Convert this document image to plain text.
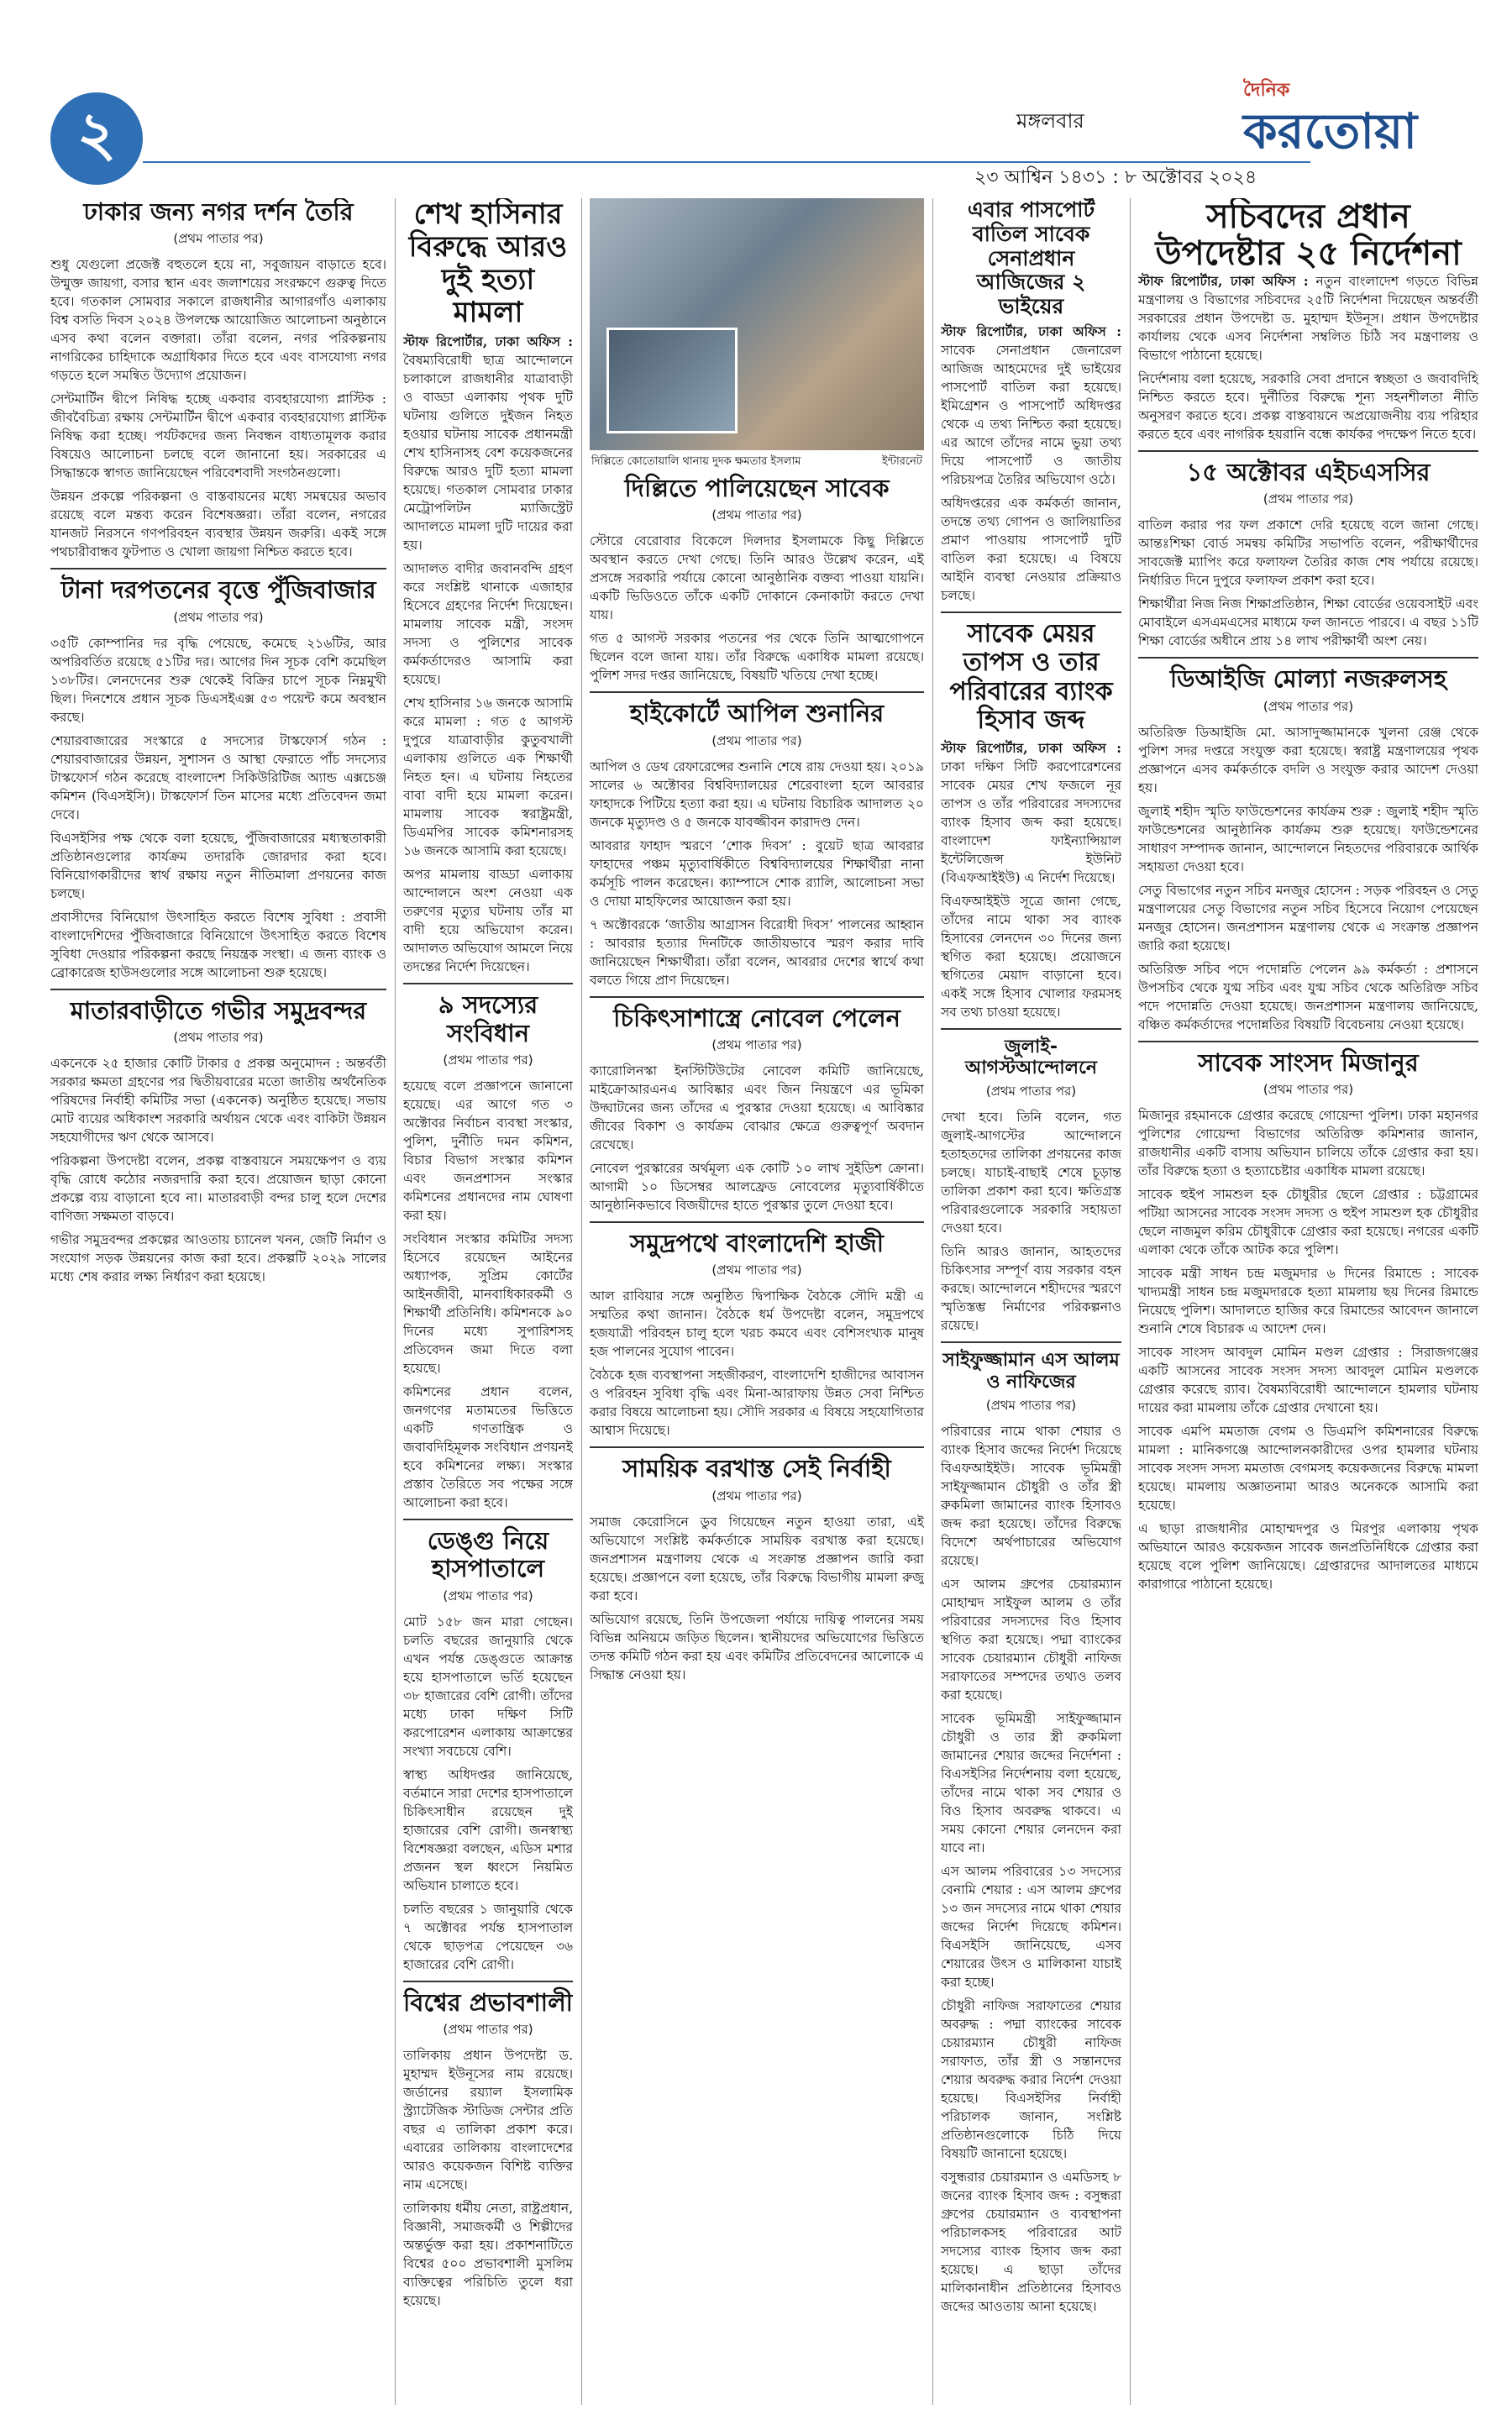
২	মঙ্গলবার
২৩ আশ্বিন ১৪৩১ : ৮ অক্টোবর ২০২৪
দৈনিক
করতোয়া
ঢাকার জন্য নগর দর্শন তৈরি
(প্রথম পাতার পর)

শুধু যেগুলো প্রজেক্ট বহুতলে হয়ে না, সবুজায়ন বাড়াতে হবে। উন্মুক্ত জায়গা, বসার স্থান এবং জলাশয়ের সংরক্ষণে গুরুত্ব দিতে হবে। গতকাল সোমবার সকালে রাজধানীর আগারগাঁও এলাকায় বিশ্ব বসতি দিবস ২০২৪ উপলক্ষে আয়োজিত আলোচনা অনুষ্ঠানে এসব কথা বলেন বক্তারা। তাঁরা বলেন, নগর পরিকল্পনায় নাগরিকের চাহিদাকে অগ্রাধিকার দিতে হবে এবং বাসযোগ্য নগর গড়তে হলে সমন্বিত উদ্যোগ প্রয়োজন।

সেন্টমার্টিন দ্বীপে নিষিদ্ধ হচ্ছে একবার ব্যবহারযোগ্য প্লাস্টিক : জীববৈচিত্র্য রক্ষায় সেন্টমার্টিন দ্বীপে একবার ব্যবহারযোগ্য প্লাস্টিক নিষিদ্ধ করা হচ্ছে। পর্যটকদের জন্য নিবন্ধন বাধ্যতামূলক করার বিষয়েও আলোচনা চলছে বলে জানানো হয়। সরকারের এ সিদ্ধান্তকে স্বাগত জানিয়েছেন পরিবেশবাদী সংগঠনগুলো।

উন্নয়ন প্রকল্পে পরিকল্পনা ও বাস্তবায়নের মধ্যে সমন্বয়ের অভাব রয়েছে বলে মন্তব্য করেন বিশেষজ্ঞরা। তাঁরা বলেন, নগরের যানজট নিরসনে গণপরিবহন ব্যবস্থার উন্নয়ন জরুরি। একই সঙ্গে পথচারীবান্ধব ফুটপাত ও খোলা জায়গা নিশ্চিত করতে হবে।

টানা দরপতনের বৃত্তে পুঁজিবাজার
(প্রথম পাতার পর)

৩৫টি কোম্পানির দর বৃদ্ধি পেয়েছে, কমেছে ২১৬টির, আর অপরিবর্তিত রয়েছে ৫১টির দর। আগের দিন সূচক বেশি কমেছিল ১৩৮টির। লেনদেনের শুরু থেকেই বিক্রির চাপে সূচক নিম্নমুখী ছিল। দিনশেষে প্রধান সূচক ডিএসইএক্স ৫৩ পয়েন্ট কমে অবস্থান করছে।

শেয়ারবাজারের সংস্কারে ৫ সদস্যের টাস্কফোর্স গঠন : শেয়ারবাজারের উন্নয়ন, সুশাসন ও আস্থা ফেরাতে পাঁচ সদস্যের টাস্কফোর্স গঠন করেছে বাংলাদেশ সিকিউরিটিজ অ্যান্ড এক্সচেঞ্জ কমিশন (বিএসইসি)। টাস্কফোর্স তিন মাসের মধ্যে প্রতিবেদন জমা দেবে।

বিএসইসির পক্ষ থেকে বলা হয়েছে, পুঁজিবাজারের মধ্যস্থতাকারী প্রতিষ্ঠানগুলোর কার্যক্রম তদারকি জোরদার করা হবে। বিনিয়োগকারীদের স্বার্থ রক্ষায় নতুন নীতিমালা প্রণয়নের কাজ চলছে।

প্রবাসীদের বিনিয়োগ উৎসাহিত করতে বিশেষ সুবিধা : প্রবাসী বাংলাদেশিদের পুঁজিবাজারে বিনিয়োগে উৎসাহিত করতে বিশেষ সুবিধা দেওয়ার পরিকল্পনা করছে নিয়ন্ত্রক সংস্থা। এ জন্য ব্যাংক ও ব্রোকারেজ হাউসগুলোর সঙ্গে আলোচনা শুরু হয়েছে।

মাতারবাড়ীতে গভীর সমুদ্রবন্দর
(প্রথম পাতার পর)

একনেকে ২৫ হাজার কোটি টাকার ৫ প্রকল্প অনুমোদন : অন্তর্বর্তী সরকার ক্ষমতা গ্রহণের পর দ্বিতীয়বারের মতো জাতীয় অর্থনৈতিক পরিষদের নির্বাহী কমিটির সভা (একনেক) অনুষ্ঠিত হয়েছে। সভায় মোট ব্যয়ের অধিকাংশ সরকারি অর্থায়ন থেকে এবং বাকিটা উন্নয়ন সহযোগীদের ঋণ থেকে আসবে।

পরিকল্পনা উপদেষ্টা বলেন, প্রকল্প বাস্তবায়নে সময়ক্ষেপণ ও ব্যয় বৃদ্ধি রোধে কঠোর নজরদারি করা হবে। প্রয়োজন ছাড়া কোনো প্রকল্পে ব্যয় বাড়ানো হবে না। মাতারবাড়ী বন্দর চালু হলে দেশের বাণিজ্য সক্ষমতা বাড়বে।

গভীর সমুদ্রবন্দর প্রকল্পের আওতায় চ্যানেল খনন, জেটি নির্মাণ ও সংযোগ সড়ক উন্নয়নের কাজ করা হবে। প্রকল্পটি ২০২৯ সালের মধ্যে শেষ করার লক্ষ্য নির্ধারণ করা হয়েছে।

শেখ হাসিনার বিরুদ্ধে আরও দুই হত্যা মামলা

স্টাফ রিপোর্টার, ঢাকা অফিস : বৈষম্যবিরোধী ছাত্র আন্দোলনে চলাকালে রাজধানীর যাত্রাবাড়ী ও বাড্ডা এলাকায় পৃথক দুটি ঘটনায় গুলিতে দুইজন নিহত হওয়ার ঘটনায় সাবেক প্রধানমন্ত্রী শেখ হাসিনাসহ বেশ কয়েকজনের বিরুদ্ধে আরও দুটি হত্যা মামলা হয়েছে। গতকাল সোমবার ঢাকার মেট্রোপলিটন ম্যাজিস্ট্রেট আদালতে মামলা দুটি দায়ের করা হয়।

আদালত বাদীর জবানবন্দি গ্রহণ করে সংশ্লিষ্ট থানাকে এজাহার হিসেবে গ্রহণের নির্দেশ দিয়েছেন। মামলায় সাবেক মন্ত্রী, সংসদ সদস্য ও পুলিশের সাবেক কর্মকর্তাদেরও আসামি করা হয়েছে।

শেখ হাসিনার ১৬ জনকে আসামি করে মামলা : গত ৫ আগস্ট দুপুরে যাত্রাবাড়ীর কুতুবখালী এলাকায় গুলিতে এক শিক্ষার্থী নিহত হন। এ ঘটনায় নিহতের বাবা বাদী হয়ে মামলা করেন। মামলায় সাবেক স্বরাষ্ট্রমন্ত্রী, ডিএমপির সাবেক কমিশনারসহ ১৬ জনকে আসামি করা হয়েছে।

অপর মামলায় বাড্ডা এলাকায় আন্দোলনে অংশ নেওয়া এক তরুণের মৃত্যুর ঘটনায় তাঁর মা বাদী হয়ে অভিযোগ করেন। আদালত অভিযোগ আমলে নিয়ে তদন্তের নির্দেশ দিয়েছেন।

৯ সদস্যের সংবিধান
(প্রথম পাতার পর)

হয়েছে বলে প্রজ্ঞাপনে জানানো হয়েছে। এর আগে গত ৩ অক্টোবর নির্বাচন ব্যবস্থা সংস্কার, পুলিশ, দুর্নীতি দমন কমিশন, বিচার বিভাগ সংস্কার কমিশন এবং জনপ্রশাসন সংস্কার কমিশনের প্রধানদের নাম ঘোষণা করা হয়।

সংবিধান সংস্কার কমিটির সদস্য হিসেবে রয়েছেন আইনের অধ্যাপক, সুপ্রিম কোর্টের আইনজীবী, মানবাধিকারকর্মী ও শিক্ষার্থী প্রতিনিধি। কমিশনকে ৯০ দিনের মধ্যে সুপারিশসহ প্রতিবেদন জমা দিতে বলা হয়েছে।

কমিশনের প্রধান বলেন, জনগণের মতামতের ভিত্তিতে একটি গণতান্ত্রিক ও জবাবদিহিমূলক সংবিধান প্রণয়নই হবে কমিশনের লক্ষ্য। সংস্কার প্রস্তাব তৈরিতে সব পক্ষের সঙ্গে আলোচনা করা হবে।

ডেঙ্গু নিয়ে হাসপাতালে
(প্রথম পাতার পর)

মোট ১৫৮ জন মারা গেছেন। চলতি বছরের জানুয়ারি থেকে এখন পর্যন্ত ডেঙ্গুতে আক্রান্ত হয়ে হাসপাতালে ভর্তি হয়েছেন ৩৮ হাজারের বেশি রোগী। তাঁদের মধ্যে ঢাকা দক্ষিণ সিটি করপোরেশন এলাকায় আক্রান্তের সংখ্যা সবচেয়ে বেশি।

স্বাস্থ্য অধিদপ্তর জানিয়েছে, বর্তমানে সারা দেশের হাসপাতালে চিকিৎসাধীন রয়েছেন দুই হাজারের বেশি রোগী। জনস্বাস্থ্য বিশেষজ্ঞরা বলছেন, এডিস মশার প্রজনন স্থল ধ্বংসে নিয়মিত অভিযান চালাতে হবে।

চলতি বছরের ১ জানুয়ারি থেকে ৭ অক্টোবর পর্যন্ত হাসপাতাল থেকে ছাড়পত্র পেয়েছেন ৩৬ হাজারের বেশি রোগী।

বিশ্বের প্রভাবশালী
(প্রথম পাতার পর)

তালিকায় প্রধান উপদেষ্টা ড. মুহাম্মদ ইউনূসের নাম রয়েছে। জর্ডানের রয়্যাল ইসলামিক স্ট্র্যাটেজিক স্টাডিজ সেন্টার প্রতি বছর এ তালিকা প্রকাশ করে। এবারের তালিকায় বাংলাদেশের আরও কয়েকজন বিশিষ্ট ব্যক্তির নাম এসেছে।

তালিকায় ধর্মীয় নেতা, রাষ্ট্রপ্রধান, বিজ্ঞানী, সমাজকর্মী ও শিল্পীদের অন্তর্ভুক্ত করা হয়। প্রকাশনাটিতে বিশ্বের ৫০০ প্রভাবশালী মুসলিম ব্যক্তিত্বের পরিচিতি তুলে ধরা হয়েছে।

দিল্লিতে কোতোয়ালি থানায় দুদক ক্ষমতার ইসলাম	ইন্টারনেট
দিল্লিতে পালিয়েছেন সাবেক
(প্রথম পাতার পর)

স্টোরে বেরোবার বিকেলে দিলদার ইসলামকে কিছু দিল্লিতে অবস্থান করতে দেখা গেছে। তিনি আরও উল্লেখ করেন, এই প্রসঙ্গে সরকারি পর্যায়ে কোনো আনুষ্ঠানিক বক্তব্য পাওয়া যায়নি। একটি ভিডিওতে তাঁকে একটি দোকানে কেনাকাটা করতে দেখা যায়।

গত ৫ আগস্ট সরকার পতনের পর থেকে তিনি আত্মগোপনে ছিলেন বলে জানা যায়। তাঁর বিরুদ্ধে একাধিক মামলা রয়েছে। পুলিশ সদর দপ্তর জানিয়েছে, বিষয়টি খতিয়ে দেখা হচ্ছে।

হাইকোর্টে আপিল শুনানির
(প্রথম পাতার পর)

আপিল ও ডেথ রেফারেন্সের শুনানি শেষে রায় দেওয়া হয়। ২০১৯ সালের ৬ অক্টোবর বিশ্ববিদ্যালয়ের শেরেবাংলা হলে আবরার ফাহাদকে পিটিয়ে হত্যা করা হয়। এ ঘটনায় বিচারিক আদালত ২০ জনকে মৃত্যুদণ্ড ও ৫ জনকে যাবজ্জীবন কারাদণ্ড দেন।

আবরার ফাহাদ স্মরণে ‘শোক দিবস’ : বুয়েট ছাত্র আবরার ফাহাদের পঞ্চম মৃত্যুবার্ষিকীতে বিশ্ববিদ্যালয়ের শিক্ষার্থীরা নানা কর্মসূচি পালন করেছেন। ক্যাম্পাসে শোক র‍্যালি, আলোচনা সভা ও দোয়া মাহফিলের আয়োজন করা হয়।

৭ অক্টোবরকে ‘জাতীয় আগ্রাসন বিরোধী দিবস’ পালনের আহ্বান : আবরার হত্যার দিনটিকে জাতীয়ভাবে স্মরণ করার দাবি জানিয়েছেন শিক্ষার্থীরা। তাঁরা বলেন, আবরার দেশের স্বার্থে কথা বলতে গিয়ে প্রাণ দিয়েছেন।

চিকিৎসাশাস্ত্রে নোবেল পেলেন
(প্রথম পাতার পর)

ক্যারোলিনস্কা ইনস্টিটিউটের নোবেল কমিটি জানিয়েছে, মাইক্রোআরএনএ আবিষ্কার এবং জিন নিয়ন্ত্রণে এর ভূমিকা উদ্ঘাটনের জন্য তাঁদের এ পুরস্কার দেওয়া হয়েছে। এ আবিষ্কার জীবের বিকাশ ও কার্যক্রম বোঝার ক্ষেত্রে গুরুত্বপূর্ণ অবদান রেখেছে।

নোবেল পুরস্কারের অর্থমূল্য এক কোটি ১০ লাখ সুইডিশ ক্রোনা। আগামী ১০ ডিসেম্বর আলফ্রেড নোবেলের মৃত্যুবার্ষিকীতে আনুষ্ঠানিকভাবে বিজয়ীদের হাতে পুরস্কার তুলে দেওয়া হবে।

সমুদ্রপথে বাংলাদেশি হাজী
(প্রথম পাতার পর)

আল রাবিয়ার সঙ্গে অনুষ্ঠিত দ্বিপাক্ষিক বৈঠকে সৌদি মন্ত্রী এ সম্মতির কথা জানান। বৈঠকে ধর্ম উপদেষ্টা বলেন, সমুদ্রপথে হজযাত্রী পরিবহন চালু হলে খরচ কমবে এবং বেশিসংখ্যক মানুষ হজ পালনের সুযোগ পাবেন।

বৈঠকে হজ ব্যবস্থাপনা সহজীকরণ, বাংলাদেশি হাজীদের আবাসন ও পরিবহন সুবিধা বৃদ্ধি এবং মিনা-আরাফায় উন্নত সেবা নিশ্চিত করার বিষয়ে আলোচনা হয়। সৌদি সরকার এ বিষয়ে সহযোগিতার আশ্বাস দিয়েছে।

সাময়িক বরখাস্ত সেই নির্বাহী
(প্রথম পাতার পর)

সমাজ কেরোসিনে ডুব গিয়েছেন নতুন হাওয়া তারা, এই অভিযোগে সংশ্লিষ্ট কর্মকর্তাকে সাময়িক বরখাস্ত করা হয়েছে। জনপ্রশাসন মন্ত্রণালয় থেকে এ সংক্রান্ত প্রজ্ঞাপন জারি করা হয়েছে। প্রজ্ঞাপনে বলা হয়েছে, তাঁর বিরুদ্ধে বিভাগীয় মামলা রুজু করা হবে।

অভিযোগ রয়েছে, তিনি উপজেলা পর্যায়ে দায়িত্ব পালনের সময় বিভিন্ন অনিয়মে জড়িত ছিলেন। স্থানীয়দের অভিযোগের ভিত্তিতে তদন্ত কমিটি গঠন করা হয় এবং কমিটির প্রতিবেদনের আলোকে এ সিদ্ধান্ত নেওয়া হয়।

এবার পাসপোর্ট বাতিল সাবেক সেনাপ্রধান আজিজের ২ ভাইয়ের

স্টাফ রিপোর্টার, ঢাকা অফিস : সাবেক সেনাপ্রধান জেনারেল আজিজ আহমেদের দুই ভাইয়ের পাসপোর্ট বাতিল করা হয়েছে। ইমিগ্রেশন ও পাসপোর্ট অধিদপ্তর থেকে এ তথ্য নিশ্চিত করা হয়েছে। এর আগে তাঁদের নামে ভুয়া তথ্য দিয়ে পাসপোর্ট ও জাতীয় পরিচয়পত্র তৈরির অভিযোগ ওঠে।

অধিদপ্তরের এক কর্মকর্তা জানান, তদন্তে তথ্য গোপন ও জালিয়াতির প্রমাণ পাওয়ায় পাসপোর্ট দুটি বাতিল করা হয়েছে। এ বিষয়ে আইনি ব্যবস্থা নেওয়ার প্রক্রিয়াও চলছে।

সাবেক মেয়র তাপস ও তার পরিবারের ব্যাংক হিসাব জব্দ

স্টাফ রিপোর্টার, ঢাকা অফিস : ঢাকা দক্ষিণ সিটি করপোরেশনের সাবেক মেয়র শেখ ফজলে নূর তাপস ও তাঁর পরিবারের সদস্যদের ব্যাংক হিসাব জব্দ করা হয়েছে। বাংলাদেশ ফাইন্যান্সিয়াল ইন্টেলিজেন্স ইউনিট (বিএফআইইউ) এ নির্দেশ দিয়েছে।

বিএফআইইউ সূত্রে জানা গেছে, তাঁদের নামে থাকা সব ব্যাংক হিসাবের লেনদেন ৩০ দিনের জন্য স্থগিত করা হয়েছে। প্রয়োজনে স্থগিতের মেয়াদ বাড়ানো হবে। একই সঙ্গে হিসাব খোলার ফরমসহ সব তথ্য চাওয়া হয়েছে।

জুলাই-আগস্টআন্দোলনে
(প্রথম পাতার পর)

দেখা হবে। তিনি বলেন, গত জুলাই-আগস্টের আন্দোলনে হতাহতদের তালিকা প্রণয়নের কাজ চলছে। যাচাই-বাছাই শেষে চূড়ান্ত তালিকা প্রকাশ করা হবে। ক্ষতিগ্রস্ত পরিবারগুলোকে সরকারি সহায়তা দেওয়া হবে।

তিনি আরও জানান, আহতদের চিকিৎসার সম্পূর্ণ ব্যয় সরকার বহন করছে। আন্দোলনে শহীদদের স্মরণে স্মৃতিস্তম্ভ নির্মাণের পরিকল্পনাও রয়েছে।

সাইফুজ্জামান এস আলম ও নাফিজের
(প্রথম পাতার পর)

পরিবারের নামে থাকা শেয়ার ও ব্যাংক হিসাব জব্দের নির্দেশ দিয়েছে বিএফআইইউ। সাবেক ভূমিমন্ত্রী সাইফুজ্জামান চৌধুরী ও তাঁর স্ত্রী রুকমিলা জামানের ব্যাংক হিসাবও জব্দ করা হয়েছে। তাঁদের বিরুদ্ধে বিদেশে অর্থপাচারের অভিযোগ রয়েছে।

এস আলম গ্রুপের চেয়ারম্যান মোহাম্মদ সাইফুল আলম ও তাঁর পরিবারের সদস্যদের বিও হিসাব স্থগিত করা হয়েছে। পদ্মা ব্যাংকের সাবেক চেয়ারম্যান চৌধুরী নাফিজ সরাফাতের সম্পদের তথ্যও তলব করা হয়েছে।

সাবেক ভূমিমন্ত্রী সাইফুজ্জামান চৌধুরী ও তার স্ত্রী রুকমিলা জামানের শেয়ার জব্দের নির্দেশনা : বিএসইসির নির্দেশনায় বলা হয়েছে, তাঁদের নামে থাকা সব শেয়ার ও বিও হিসাব অবরুদ্ধ থাকবে। এ সময় কোনো শেয়ার লেনদেন করা যাবে না।

এস আলম পরিবারের ১৩ সদস্যের বেনামি শেয়ার : এস আলম গ্রুপের ১৩ জন সদস্যের নামে থাকা শেয়ার জব্দের নির্দেশ দিয়েছে কমিশন। বিএসইসি জানিয়েছে, এসব শেয়ারের উৎস ও মালিকানা যাচাই করা হচ্ছে।

চৌধুরী নাফিজ সরাফাতের শেয়ার অবরুদ্ধ : পদ্মা ব্যাংকের সাবেক চেয়ারম্যান চৌধুরী নাফিজ সরাফাত, তাঁর স্ত্রী ও সন্তানদের শেয়ার অবরুদ্ধ করার নির্দেশ দেওয়া হয়েছে। বিএসইসির নির্বাহী পরিচালক জানান, সংশ্লিষ্ট প্রতিষ্ঠানগুলোকে চিঠি দিয়ে বিষয়টি জানানো হয়েছে।

বসুন্ধরার চেয়ারম্যান ও এমডিসহ ৮ জনের ব্যাংক হিসাব জব্দ : বসুন্ধরা গ্রুপের চেয়ারম্যান ও ব্যবস্থাপনা পরিচালকসহ পরিবারের আট সদস্যের ব্যাংক হিসাব জব্দ করা হয়েছে। এ ছাড়া তাঁদের মালিকানাধীন প্রতিষ্ঠানের হিসাবও জব্দের আওতায় আনা হয়েছে।

সচিবদের প্রধান উপদেষ্টার ২৫ নির্দেশনা

স্টাফ রিপোর্টার, ঢাকা অফিস : নতুন বাংলাদেশ গড়তে বিভিন্ন মন্ত্রণালয় ও বিভাগের সচিবদের ২৫টি নির্দেশনা দিয়েছেন অন্তর্বর্তী সরকারের প্রধান উপদেষ্টা ড. মুহাম্মদ ইউনূস। প্রধান উপদেষ্টার কার্যালয় থেকে এসব নির্দেশনা সম্বলিত চিঠি সব মন্ত্রণালয় ও বিভাগে পাঠানো হয়েছে।

নির্দেশনায় বলা হয়েছে, সরকারি সেবা প্রদানে স্বচ্ছতা ও জবাবদিহি নিশ্চিত করতে হবে। দুর্নীতির বিরুদ্ধে শূন্য সহনশীলতা নীতি অনুসরণ করতে হবে। প্রকল্প বাস্তবায়নে অপ্রয়োজনীয় ব্যয় পরিহার করতে হবে এবং নাগরিক হয়রানি বন্ধে কার্যকর পদক্ষেপ নিতে হবে।

১৫ অক্টোবর এইচএসসির
(প্রথম পাতার পর)

বাতিল করার পর ফল প্রকাশে দেরি হয়েছে বলে জানা গেছে। আন্তঃশিক্ষা বোর্ড সমন্বয় কমিটির সভাপতি বলেন, পরীক্ষার্থীদের সাবজেক্ট ম্যাপিং করে ফলাফল তৈরির কাজ শেষ পর্যায়ে রয়েছে। নির্ধারিত দিনে দুপুরে ফলাফল প্রকাশ করা হবে।

শিক্ষার্থীরা নিজ নিজ শিক্ষাপ্রতিষ্ঠান, শিক্ষা বোর্ডের ওয়েবসাইট এবং মোবাইলে এসএমএসের মাধ্যমে ফল জানতে পারবে। এ বছর ১১টি শিক্ষা বোর্ডের অধীনে প্রায় ১৪ লাখ পরীক্ষার্থী অংশ নেয়।

ডিআইজি মোল্যা নজরুলসহ
(প্রথম পাতার পর)

অতিরিক্ত ডিআইজি মো. আসাদুজ্জামানকে খুলনা রেঞ্জ থেকে পুলিশ সদর দপ্তরে সংযুক্ত করা হয়েছে। স্বরাষ্ট্র মন্ত্রণালয়ের পৃথক প্রজ্ঞাপনে এসব কর্মকর্তাকে বদলি ও সংযুক্ত করার আদেশ দেওয়া হয়।

জুলাই শহীদ স্মৃতি ফাউন্ডেশনের কার্যক্রম শুরু : জুলাই শহীদ স্মৃতি ফাউন্ডেশনের আনুষ্ঠানিক কার্যক্রম শুরু হয়েছে। ফাউন্ডেশনের সাধারণ সম্পাদক জানান, আন্দোলনে নিহতদের পরিবারকে আর্থিক সহায়তা দেওয়া হবে।

সেতু বিভাগের নতুন সচিব মনজুর হোসেন : সড়ক পরিবহন ও সেতু মন্ত্রণালয়ের সেতু বিভাগের নতুন সচিব হিসেবে নিয়োগ পেয়েছেন মনজুর হোসেন। জনপ্রশাসন মন্ত্রণালয় থেকে এ সংক্রান্ত প্রজ্ঞাপন জারি করা হয়েছে।

অতিরিক্ত সচিব পদে পদোন্নতি পেলেন ৯৯ কর্মকর্তা : প্রশাসনে উপসচিব থেকে যুগ্ম সচিব এবং যুগ্ম সচিব থেকে অতিরিক্ত সচিব পদে পদোন্নতি দেওয়া হয়েছে। জনপ্রশাসন মন্ত্রণালয় জানিয়েছে, বঞ্চিত কর্মকর্তাদের পদোন্নতির বিষয়টি বিবেচনায় নেওয়া হয়েছে।

সাবেক সাংসদ মিজানুর
(প্রথম পাতার পর)

মিজানুর রহমানকে গ্রেপ্তার করেছে গোয়েন্দা পুলিশ। ঢাকা মহানগর পুলিশের গোয়েন্দা বিভাগের অতিরিক্ত কমিশনার জানান, রাজধানীর একটি বাসায় অভিযান চালিয়ে তাঁকে গ্রেপ্তার করা হয়। তাঁর বিরুদ্ধে হত্যা ও হত্যাচেষ্টার একাধিক মামলা রয়েছে।

সাবেক হুইপ সামশুল হক চৌধুরীর ছেলে গ্রেপ্তার : চট্টগ্রামের পটিয়া আসনের সাবেক সংসদ সদস্য ও হুইপ সামশুল হক চৌধুরীর ছেলে নাজমুল করিম চৌধুরীকে গ্রেপ্তার করা হয়েছে। নগরের একটি এলাকা থেকে তাঁকে আটক করে পুলিশ।

সাবেক মন্ত্রী সাধন চন্দ্র মজুমদার ৬ দিনের রিমান্ডে : সাবেক খাদ্যমন্ত্রী সাধন চন্দ্র মজুমদারকে হত্যা মামলায় ছয় দিনের রিমান্ডে নিয়েছে পুলিশ। আদালতে হাজির করে রিমান্ডের আবেদন জানালে শুনানি শেষে বিচারক এ আদেশ দেন।

সাবেক সাংসদ আবদুল মোমিন মণ্ডল গ্রেপ্তার : সিরাজগঞ্জের একটি আসনের সাবেক সংসদ সদস্য আবদুল মোমিন মণ্ডলকে গ্রেপ্তার করেছে র‍্যাব। বৈষম্যবিরোধী আন্দোলনে হামলার ঘটনায় দায়ের করা মামলায় তাঁকে গ্রেপ্তার দেখানো হয়।

সাবেক এমপি মমতাজ বেগম ও ডিএমপি কমিশনারের বিরুদ্ধে মামলা : মানিকগঞ্জে আন্দোলনকারীদের ওপর হামলার ঘটনায় সাবেক সংসদ সদস্য মমতাজ বেগমসহ কয়েকজনের বিরুদ্ধে মামলা হয়েছে। মামলায় অজ্ঞাতনামা আরও অনেককে আসামি করা হয়েছে।

এ ছাড়া রাজধানীর মোহাম্মদপুর ও মিরপুর এলাকায় পৃথক অভিযানে আরও কয়েকজন সাবেক জনপ্রতিনিধিকে গ্রেপ্তার করা হয়েছে বলে পুলিশ জানিয়েছে। গ্রেপ্তারদের আদালতের মাধ্যমে কারাগারে পাঠানো হয়েছে।
